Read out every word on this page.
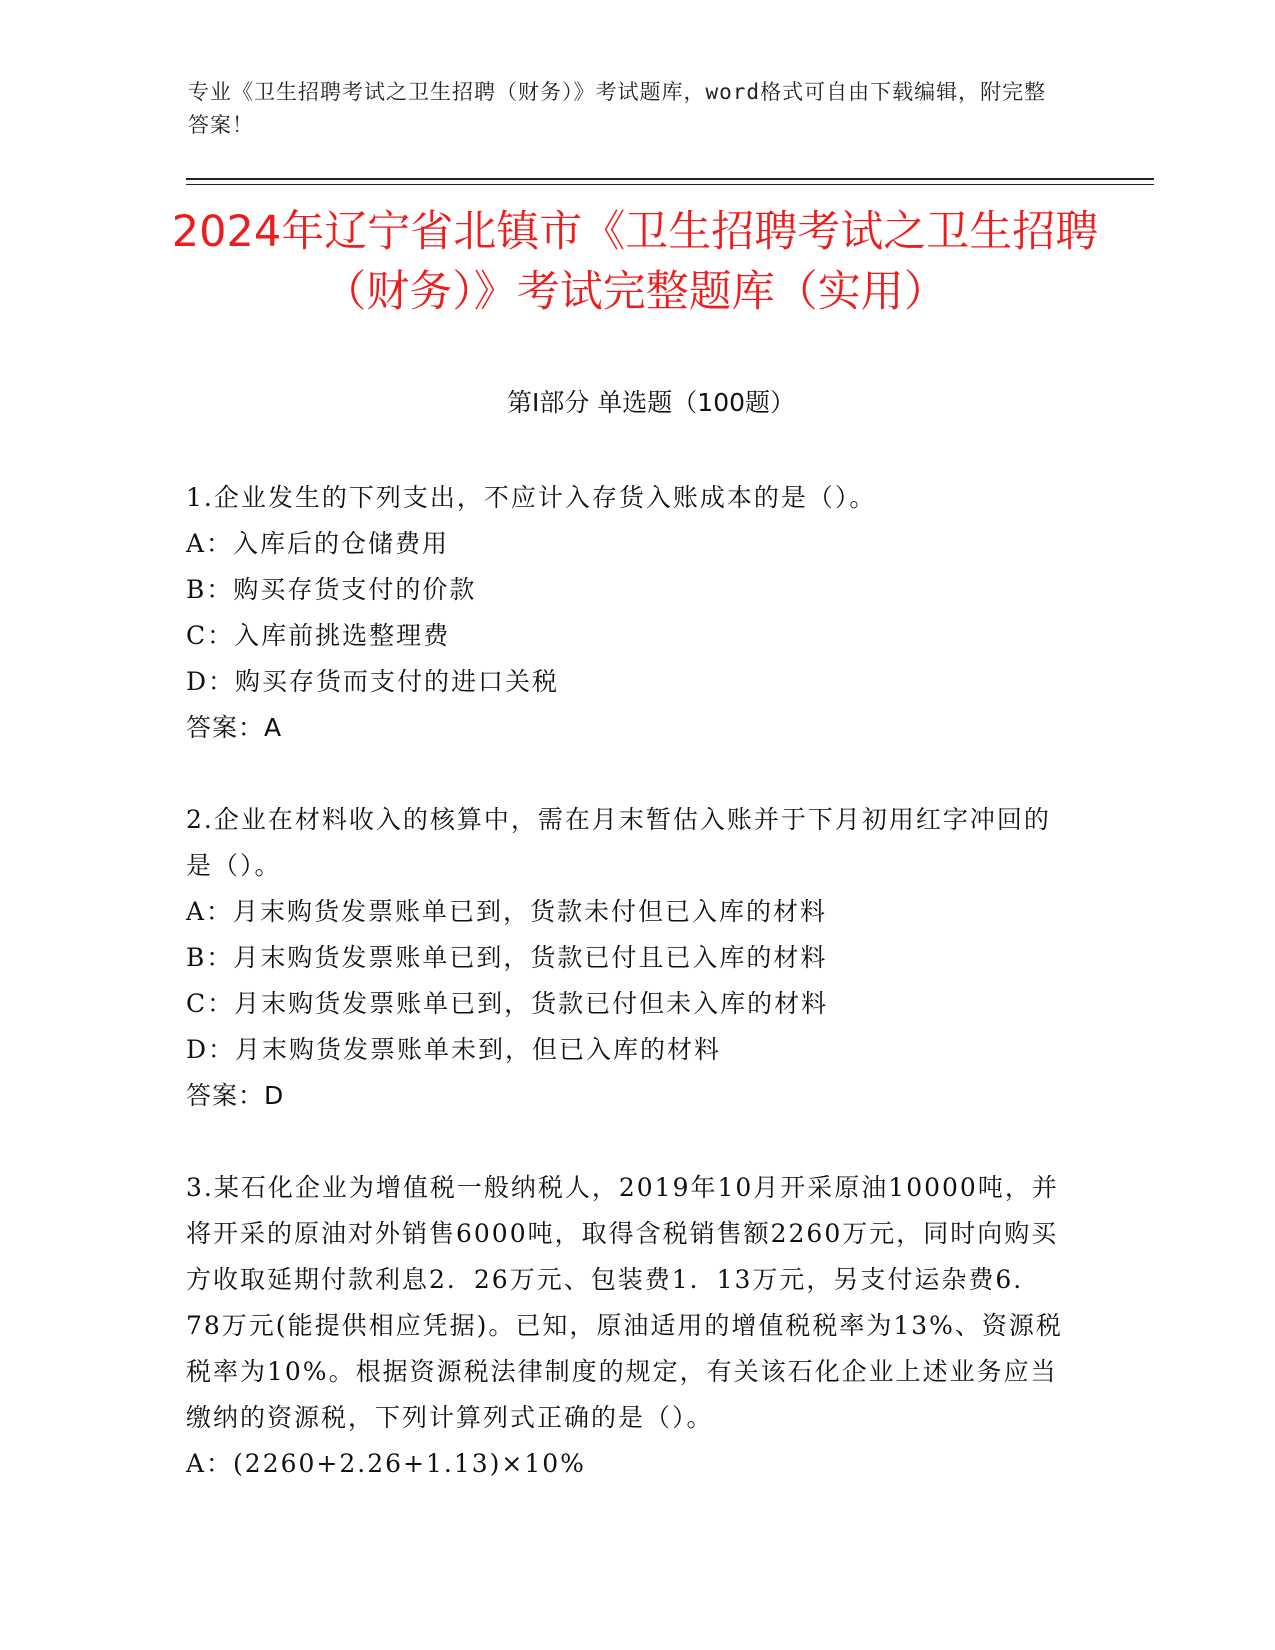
专业《卫生招聘考试之卫生招聘（财务）》考试题库，word格式可自由下载编辑，附完整答案！
2024年辽宁省北镇市《卫生招聘考试之卫生招聘（财务）》考试完整题库（实用）
第Ⅰ部分 单选题（100题）
1.企业发生的下列支出，不应计入存货入账成本的是（）。
A：入库后的仓储费用
B：购买存货支付的价款
C：入库前挑选整理费
D：购买存货而支付的进口关税
答案：A
2.企业在材料收入的核算中，需在月末暂估入账并于下月初用红字冲回的是（）。
A：月末购货发票账单已到，货款未付但已入库的材料
B：月末购货发票账单已到，货款已付且已入库的材料
C：月末购货发票账单已到，货款已付但未入库的材料
D：月末购货发票账单未到，但已入库的材料
答案：D
3.某石化企业为增值税一般纳税人，2019年10月开采原油10000吨，并将开采的原油对外销售6000吨，取得含税销售额2260万元，同时向购买方收取延期付款利息2．26万元、包装费1．13万元，另支付运杂费6．78万元(能提供相应凭据)。已知，原油适用的增值税税率为13%、资源税税率为10%。根据资源税法律制度的规定，有关该石化企业上述业务应当缴纳的资源税，下列计算列式正确的是（）。
A：(2260+2.26+1.13)×10%
